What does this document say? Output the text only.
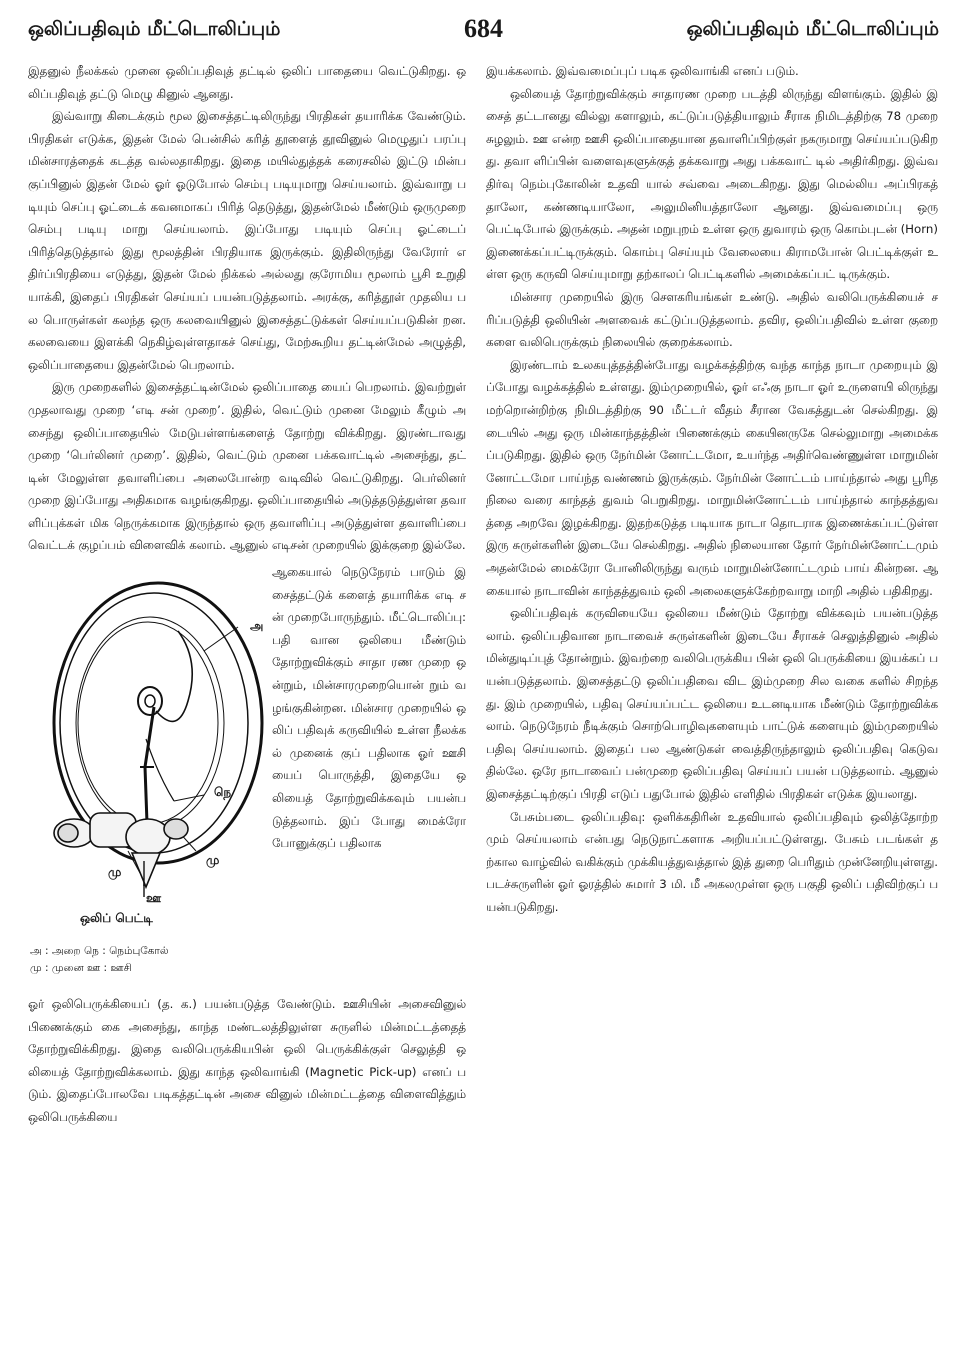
ஒலிப்பதிவும் மீட்டொலிப்பும்	684	ஒலிப்பதிவும் மீட்டொலிப்பும்

இதனுல் நீலக்கல் முனை ஒலிப்பதிவுத் தட்டில் ஒலிப் பாதையை வெட்டுகிறது. ஒலிப்பதிவுத் தட்டு மெழு கினுல் ஆனது.

இவ்வாறு கிடைக்கும் மூல இசைத்தட்டிலிருந்து பிரதிகள் தயாரிக்க வேண்டும். பிரதிகள் எடுக்க, இதன் மேல் பென்சில் கரித் தூளைத் தூவினுல் மெழுதுப் பரப்பு மின்சாரத்தைக் கடத்த வல்லதாகிறது. இதை மயில்துத்தக் கரைசலில் இட்டு மின்பகுப்பினுல் இதன் மேல் ஓர் ஓடுபோல் செம்பு படியுமாறு செய்யலாம். இவ்வாறு படியும் செப்பு ஓட்டைக் கவனமாகப் பிரித் தெடுத்து, இதன்மேல் மீண்டும் ஒருமுறை செம்பு படியு மாறு செய்யலாம். இப்போது படியும் செப்பு ஓட்டைப் பிரித்தெடுத்தால் இது மூலத்தின் பிரதியாக இருக்கும். இதிலிருந்து வேரோர் எதிர்ப்பிரதியை எடுத்து, இதன் மேல் நிக்கல் அல்லது குரோமிய மூலாம் பூசி உறுதி யாக்கி, இதைப் பிரதிகள் செய்யப் பயன்படுத்தலாம். அரக்கு, கரித்தூள் முதலிய பல பொருள்கள் கலந்த ஒரு கலவையினுல் இசைத்தட்டுக்கள் செய்யப்படுகின் றன. கலவையை இளக்கி நெகிழ்வுள்ளதாகச் செய்து, மேற்கூறிய தட்டின்மேல் அழுத்தி, ஒலிப்பாதையை இதன்மேல் பெறலாம்.

இரு முறைகளில் இசைத்தட்டின்மேல் ஒலிப்பாதை யைப் பெறலாம். இவற்றுள் முதலாவது முறை ‘எடி சன் முறை’. இதில், வெட்டும் முனை மேலும் கீழும் அசைந்து ஒலிப்பாதையில் மேடுபள்ளங்களைத் தோற்று விக்கிறது. இரண்டாவது முறை ‘பெர்லினர் முறை’. இதில், வெட்டும் முனை பக்கவாட்டில் அசைந்து, தட் டின் மேலுள்ள தவாளிப்பை அலைபோன்ற வடிவில் வெட்டுகிறது. பெர்லினர் முறை இப்போது அதிகமாக வழங்குகிறது. ஒலிப்பாதையில் அடுத்தடுத்துள்ள தவா ளிப்புக்கள் மிக நெருக்கமாக இருந்தால் ஒரு தவாளிப்பு அடுத்துள்ள தவாளிப்பை வெட்டக் குழப்பம் விளைவிக் கலாம். ஆனுல் எடிசன் முறையில் இக்குறை இல்லே.

அ
நெ
மு
மு
ஊ
ஒலிப் பெட்டி
அ : அறை நெ : நெம்புகோல்
மு : முனை ஊ : ஊசி

ஆகையால் நெடுநேரம் பாடும் இசைத்தட்டுக் களைத் தயாரிக்க எடி சன் முறைபோருந்தும். மீட்டொலிப்பு: பதி வான ஒலியை மீண்டும் தோற்றுவிக்கும் சாதா ரண முறை ஒன்றும், மின்சாரமுறையொன் றும் வழங்குகின்றன. மின்சார முறையில் ஒலிப் பதிவுக் கருவியில் உள்ள நீலக்கல் முனைக் குப் பதிலாக ஓர் ஊசி யைப் பொருத்தி, இதையே ஒலியைத் தோற்றுவிக்கவும் பயன்படுத்தலாம். இப் போது மைக்ரோ போனுக்குப் பதிலாக

ஓர் ஒலிபெருக்கியைப் (த. க.) பயன்படுத்த வேண்டும். ஊசியின் அசைவினுல் பிணைக்கும் கை அசைந்து, காந்த மண்டலத்திலுள்ள சுருளில் மின்மட்டத்தைத் தோற்றுவிக்கிறது. இதை வலிபெருக்கியபின் ஒலி பெருக்கிக்குள் செலுத்தி ஒலியைத் தோற்றுவிக்கலாம். இது காந்த ஒலிவாங்கி (Magnetic Pick-up) எனப் படும். இதைப்போலவே படிகத்தட்டின் அசை வினுல் மின்மட்டத்தை விளைவித்தும் ஒலிபெருக்கியை

இயக்கலாம். இவ்வமைப்புப் படிக ஒலிவாங்கி எனப் படும்.

ஒலியைத் தோற்றுவிக்கும் சாதாரண முறை படத்தி லிருந்து விளங்கும். இதில் இசைத் தட்டானது வில்லு களாலும், கட்டுப்படுத்தியாலும் சீராக நிமிடத்திற்கு 78 முறை சுழலும். ஊ என்ற ஊசி ஒலிப்பாதையான தவாளிப்பிற்குள் நகருமாறு செய்யப்படுகிறது. தவா ளிப்பின் வளைவுகளுக்குத் தக்கவாறு அது பக்கவாட் டில் அதிர்கிறது. இவ்வதிர்வு நெம்புகோலின் உதவி யால் சவ்வை அடைகிறது. இது மெல்லிய அப்பிரகத் தாலோ, கண்ணடியாலோ, அலுமினியத்தாலோ ஆனது. இவ்வமைப்பு ஒரு பெட்டிபோல் இருக்கும். அதன் மறுபுறம் உள்ள ஒரு துவாரம் ஒரு கொம்புடன் (Horn) இணைக்கப்பட்டிருக்கும். கொம்பு செய்யும் வேலையை கிராமபோன் பெட்டிக்குள் உள்ள ஒரு கருவி செய்யுமாறு தற்காலப் பெட்டிகளில் அமைக்கப்பட் டிருக்கும்.

மின்சார முறையில் இரு சௌகரியங்கள் உண்டு. அதில் வலிபெருக்கியைச் சரிப்படுத்தி ஒலியின் அளவைக் கட்டுப்படுத்தலாம். தவிர, ஒலிப்பதிவில் உள்ள குறை களை வலிபெருக்கும் நிலையில் குறைக்கலாம்.

இரண்டாம் உலகயுத்தத்தின்போது வழக்கத்திற்கு வந்த காந்த நாடா முறையும் இப்போது வழக்கத்தில் உள்ளது. இம்முறையில், ஓர் எஃகு நாடா ஓர் உருளையி லிருந்து மற்றொன்றிற்கு நிமிடத்திற்கு 90 மீட்டர் வீதம் சீரான வேகத்துடன் செல்கிறது. இடையில் அது ஒரு மின்காந்தத்தின் பிணைக்கும் கையினருகே செல்லுமாறு அமைக்கப்படுகிறது. இதில் ஒரு நேர்மின் னோட்டமோ, உயர்ந்த அதிர்வெண்ணுள்ள மாறுமின் னோட்டமோ பாய்ந்த வண்ணம் இருக்கும். நேர்மின் னோட்டம் பாய்ந்தால் அது பூரித நிலை வரை காந்தத் துவம் பெறுகிறது. மாறுமின்னோட்டம் பாய்ந்தால் காந்தத்துவத்தை அறவே இழக்கிறது. இதற்கடுத்த படியாக நாடா தொடராக இணைக்கப்பட்டுள்ள இரு சுருள்களின் இடையே செல்கிறது. அதில் நிலையான தோர் நேர்மின்னோட்டமும் அதன்மேல் மைக்ரோ போனிலிருந்து வரும் மாறுமின்னோட்டமும் பாய் கின்றன. ஆகையால் நாடாவின் காந்தத்துவம் ஒலி அலைகளுக்கேற்றவாறு மாறி அதில் பதிகிறது.

ஒலிப்பதிவுக் கருவியையே ஒலியை மீண்டும் தோற்று விக்கவும் பயன்படுத்தலாம். ஒலிப்பதிவான நாடாவைச் சுருள்களின் இடையே சீராகச் செலுத்தினுல் அதில் மின்துடிப்புத் தோன்றும். இவற்றை வலிபெருக்கிய பின் ஒலி பெருக்கியை இயக்கப் பயன்படுத்தலாம். இசைத்தட்டு ஒலிப்பதிவை விட இம்முறை சில வகை களில் சிறந்தது. இம் முறையில், பதிவு செய்யப்பட்ட ஒலியை உடனடியாக மீண்டும் தோற்றுவிக்கலாம். நெடுநேரம் நீடிக்கும் சொற்பொழிவுகளையும் பாட்டுக் களையும் இம்முறையில் பதிவு செய்யலாம். இதைப் பல ஆண்டுகள் வைத்திருந்தாலும் ஒலிப்பதிவு கெடுவதில்லே. ஒரே நாடாவைப் பன்முறை ஒலிப்பதிவு செய்யப் பயன் படுத்தலாம். ஆனுல் இசைத்தட்டிற்குப் பிரதி எடுப் பதுபோல் இதில் எளிதில் பிரதிகள் எடுக்க இயலாது.

பேசும்படை ஒலிப்பதிவு: ஒளிக்கதிரின் உதவியால் ஒலிப்பதிவும் ஒலித்தோற்றமும் செய்யலாம் என்பது நெடுநாட்களாக அறியப்பட்டுள்ளது. பேசும் படங்கள் தற்கால வாழ்வில் வகிக்கும் முக்கியத்துவத்தால் இத் துறை பெரிதும் முன்னேறியுள்ளது. படச்சுருளின் ஓர் ஓரத்தில் சுமார் 3 மி. மீ அகலமுள்ள ஒரு பகுதி ஒலிப் பதிவிற்குப் பயன்படுகிறது.
